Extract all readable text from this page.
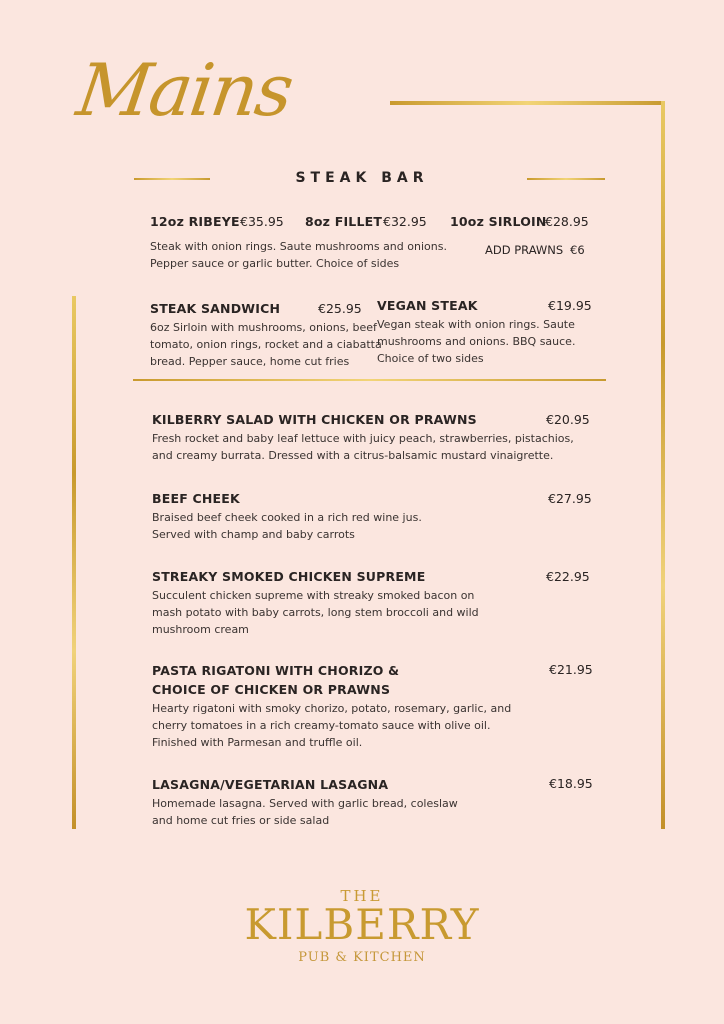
Mains
STEAK BAR
12oz RIBEYE €35.95 8oz FILLET €32.95 10oz SIRLOIN
€28.95
Steak with onion rings. Saute mushrooms and onions.
Pepper sauce or garlic butter. Choice of sides
ADD PRAWNS €6
STEAK SANDWICH	€25.95
6oz Sirloin with mushrooms, onions, beef
tomato, onion rings, rocket and a ciabatta
bread. Pepper sauce, home cut fries
VEGAN STEAK	€19.95
Vegan steak with onion rings. Saute
mushrooms and onions. BBQ sauce.
Choice of two sides
KILBERRY SALAD WITH CHICKEN OR PRAWNS	€20.95
Fresh rocket and baby leaf lettuce with juicy peach, strawberries, pistachios,
and creamy burrata. Dressed with a citrus-balsamic mustard vinaigrette.
BEEF CHEEK	€27.95
Braised beef cheek cooked in a rich red wine jus.
Served with champ and baby carrots
STREAKY SMOKED CHICKEN SUPREME	€22.95
Succulent chicken supreme with streaky smoked bacon on
mash potato with baby carrots, long stem broccoli and wild
mushroom cream
PASTA RIGATONI WITH CHORIZO &
CHOICE OF CHICKEN OR PRAWNS
€21.95
Hearty rigatoni with smoky chorizo, potato, rosemary, garlic, and
cherry tomatoes in a rich creamy-tomato sauce with olive oil.
Finished with Parmesan and truffle oil.
LASAGNA/VEGETARIAN LASAGNA	€18.95
Homemade lasagna. Served with garlic bread, coleslaw
and home cut fries or side salad
THE
KILBERRY
PUB & KITCHEN
